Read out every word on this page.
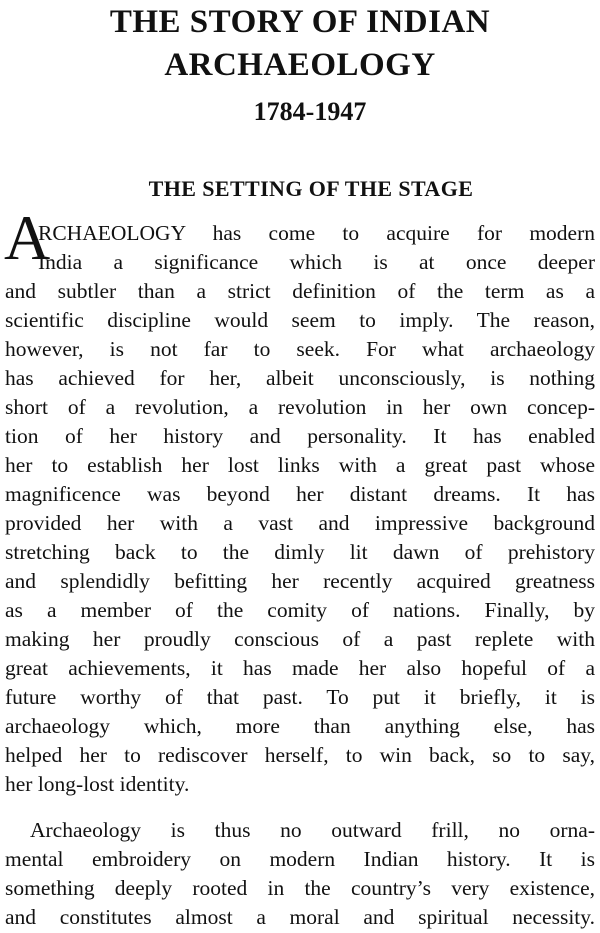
THE STORY OF INDIAN
ARCHAEOLOGY
1784-1947
THE SETTING OF THE STAGE
A

RCHAEOLOGY has come to acquire for modern

India a significance which is at once deeper

and subtler than a strict definition of the term as a

scientific discipline would seem to imply. The reason,

however, is not far to seek. For what archaeology

has achieved for her, albeit unconsciously, is nothing

short of a revolution, a revolution in her own concep-

tion of her history and personality. It has enabled

her to establish her lost links with a great past whose

magnificence was beyond her distant dreams. It has

provided her with a vast and impressive background

stretching back to the dimly lit dawn of prehistory

and splendidly befitting her recently acquired greatness

as a member of the comity of nations. Finally, by

making her proudly conscious of a past replete with

great achievements, it has made her also hopeful of a

future worthy of that past. To put it briefly, it is

archaeology which, more than anything else, has

helped her to rediscover herself, to win back, so to say,

her long-lost identity.

Archaeology is thus no outward frill, no orna-

mental embroidery on modern Indian history. It is

something deeply rooted in the country’s very existence,

and constitutes almost a moral and spiritual necessity.
